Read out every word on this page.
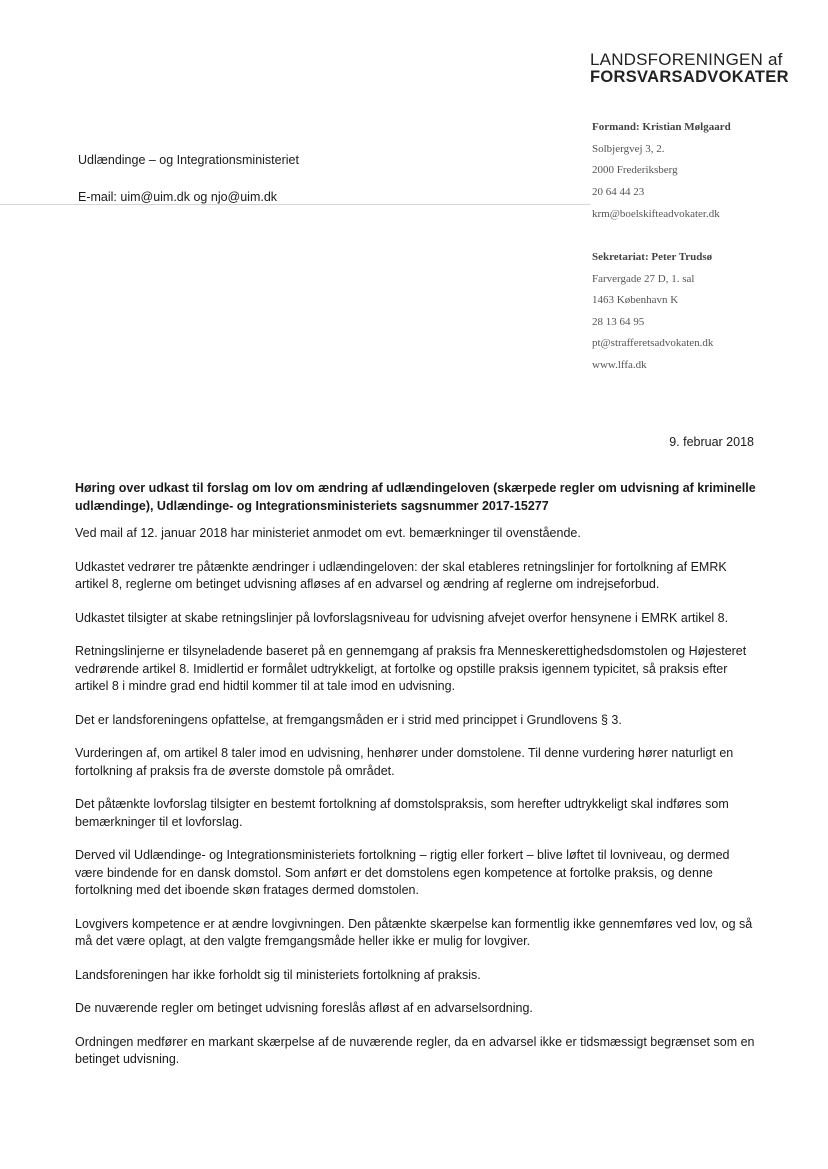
LANDSFORENINGEN af
FORSVARSADVOKATER
Udlændinge – og Integrationsministeriet
E-mail: uim@uim.dk og njo@uim.dk
Formand: Kristian Mølgaard
Solbjergvej 3, 2.
2000 Frederiksberg
20 64 44 23
krm@boelskifteadvokater.dk
Sekretariat: Peter Trudsø
Farvergade 27 D, 1. sal
1463 København K
28 13 64 95
pt@strafferetsadvokaten.dk
www.lffa.dk
9. februar 2018

Høring over udkast til forslag om lov om ændring af udlændingeloven (skærpede regler om udvisning af kriminelle udlændinge), Udlændinge- og Integrationsministeriets sagsnummer 2017-15277

Ved mail af 12. januar 2018 har ministeriet anmodet om evt. bemærkninger til ovenstående.

Udkastet vedrører tre påtænkte ændringer i udlændingeloven: der skal etableres retningslinjer for fortolkning af EMRK artikel 8, reglerne om betinget udvisning afløses af en advarsel og ændring af reglerne om indrejseforbud.

Udkastet tilsigter at skabe retningslinjer på lovforslagsniveau for udvisning afvejet overfor hensynene i EMRK artikel 8.

Retningslinjerne er tilsyneladende baseret på en gennemgang af praksis fra Menneskerettighedsdomstolen og Højesteret vedrørende artikel 8. Imidlertid er formålet udtrykkeligt, at fortolke og opstille praksis igennem typicitet, så praksis efter artikel 8 i mindre grad end hidtil kommer til at tale imod en udvisning.

Det er landsforeningens opfattelse, at fremgangsmåden er i strid med princippet i Grundlovens § 3.

Vurderingen af, om artikel 8 taler imod en udvisning, henhører under domstolene. Til denne vurdering hører naturligt en fortolkning af praksis fra de øverste domstole på området.

Det påtænkte lovforslag tilsigter en bestemt fortolkning af domstolspraksis, som herefter udtrykkeligt skal indføres som bemærkninger til et lovforslag.

Derved vil Udlændinge- og Integrationsministeriets fortolkning – rigtig eller forkert – blive løftet til lovniveau, og dermed være bindende for en dansk domstol. Som anført er det domstolens egen kompetence at fortolke praksis, og denne fortolkning med det iboende skøn fratages dermed domstolen.

Lovgivers kompetence er at ændre lovgivningen. Den påtænkte skærpelse kan formentlig ikke gennemføres ved lov, og så må det være oplagt, at den valgte fremgangsmåde heller ikke er mulig for lovgiver.

Landsforeningen har ikke forholdt sig til ministeriets fortolkning af praksis.

De nuværende regler om betinget udvisning foreslås afløst af en advarselsordning.

Ordningen medfører en markant skærpelse af de nuværende regler, da en advarsel ikke er tidsmæssigt begrænset som en betinget udvisning.
